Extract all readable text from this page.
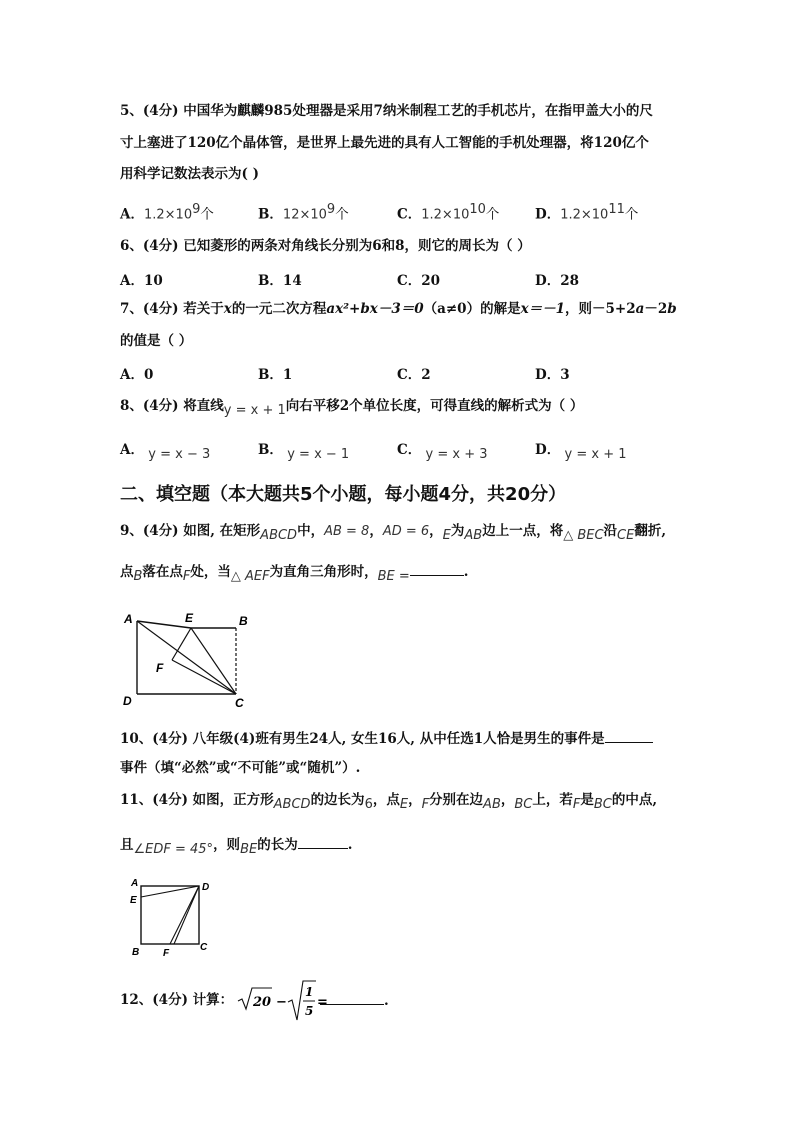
5、(4分) 中国华为麒麟985处理器是采用7纳米制程工艺的手机芯片，在指甲盖大小的尺
寸上塞进了120亿个晶体管，是世界上最先进的具有人工智能的手机处理器，将120亿个
用科学记数法表示为( )
A．$1.2\times 10^9$个	B．$12\times 10^9$个	C．$1.2\times 10^{10}$个	D．$1.2\times 10^{11}$个
6、(4分) 已知菱形的两条对角线长分别为6和8，则它的周长为（ ）
A．10	B．14	C．20	D．28
7、(4分) 若关于x的一元二次方程ax²+bx－3＝0（a≠0）的解是x＝－1，则－5+2a－2b
的值是（ ）
A．0	B．1	C．2	D．3
8、(4分) 将直线y = x + 1向右平移2个单位长度，可得直线的解析式为（ ）
A． y = x − 3	B． y = x − 1	C． y = x + 3	D． y = x + 1
二、填空题（本大题共5个小题，每小题4分，共20分）
9、(4分) 如图, 在矩形ABCD中，AB = 8，AD = 6，E为AB边上一点，将△ BEC沿CE翻折,
点B落在点F处，当△ AEF为直角三角形时，BE =	.
A	E	B
F
D	C
10、(4分) 八年级(4)班有男生24人, 女生16人, 从中任选1人恰是男生的事件是
事件（填“必然”或“不可能”或“随机”）.
11、(4分) 如图，正方形ABCD的边长为6，点E，F分别在边AB，BC上，若F是BC的中点,
且∠EDF = 45°，则BE的长为	.
A
E
D
B F
C
12、(4分) 计算： 20 −
1
5
=	.
